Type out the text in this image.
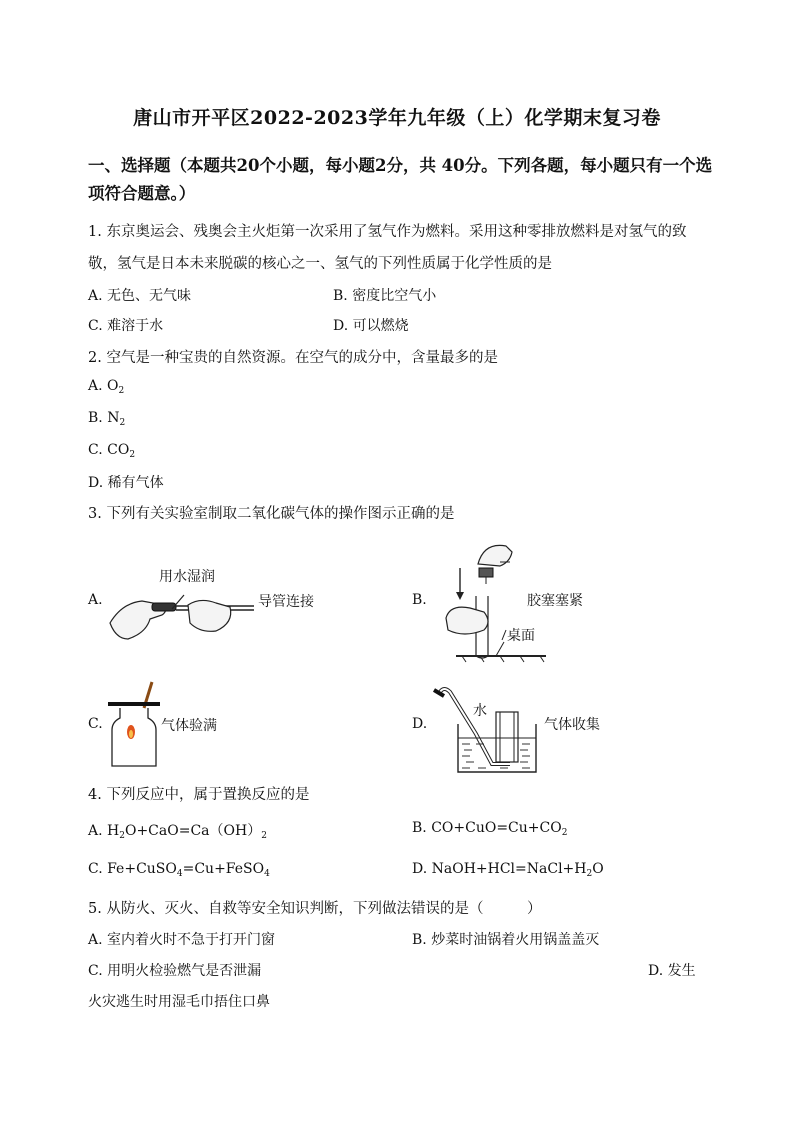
唐山市开平区2022-2023学年九年级（上）化学期末复习卷
一、选择题（本题共20个小题，每小题2分，共 40分。下列各题，每小题只有一个选
项符合题意。）
1. 东京奥运会、残奥会主火炬第一次采用了氢气作为燃料。采用这种零排放燃料是对氢气的致
敬，氢气是日本未来脱碳的核心之一、氢气的下列性质属于化学性质的是
A. 无色、无气味	B. 密度比空气小
C. 难溶于水	D. 可以燃烧
2. 空气是一种宝贵的自然资源。在空气的成分中，含量最多的是
A. $O_2$
B. $N_2$
C. $CO_2$
D. 稀有气体
3. 下列有关实验室制取二氧化碳气体的操作图示正确的是
A.
用水湿润
导管连接	B.	胶塞塞紧
桌面
C.	气体验满	D.
水
气体收集
4. 下列反应中，属于置换反应的是
A. $H_2O+CaO=Ca(OH)_2$	B. $CO+CuO=Cu+CO_2$
C. Fe+CuSO$_4$=Cu+FeSO$_4$	D. $NaOH+HCl=NaCl+H_2O$
5. 从防火、灭火、自救等安全知识判断，下列做法错误的是（　　　）
A. 室内着火时不急于打开门窗	B. 炒菜时油锅着火用锅盖盖灭
C. 用明火检验燃气是否泄漏	D. 发生
火灾逃生时用湿毛巾捂住口鼻
